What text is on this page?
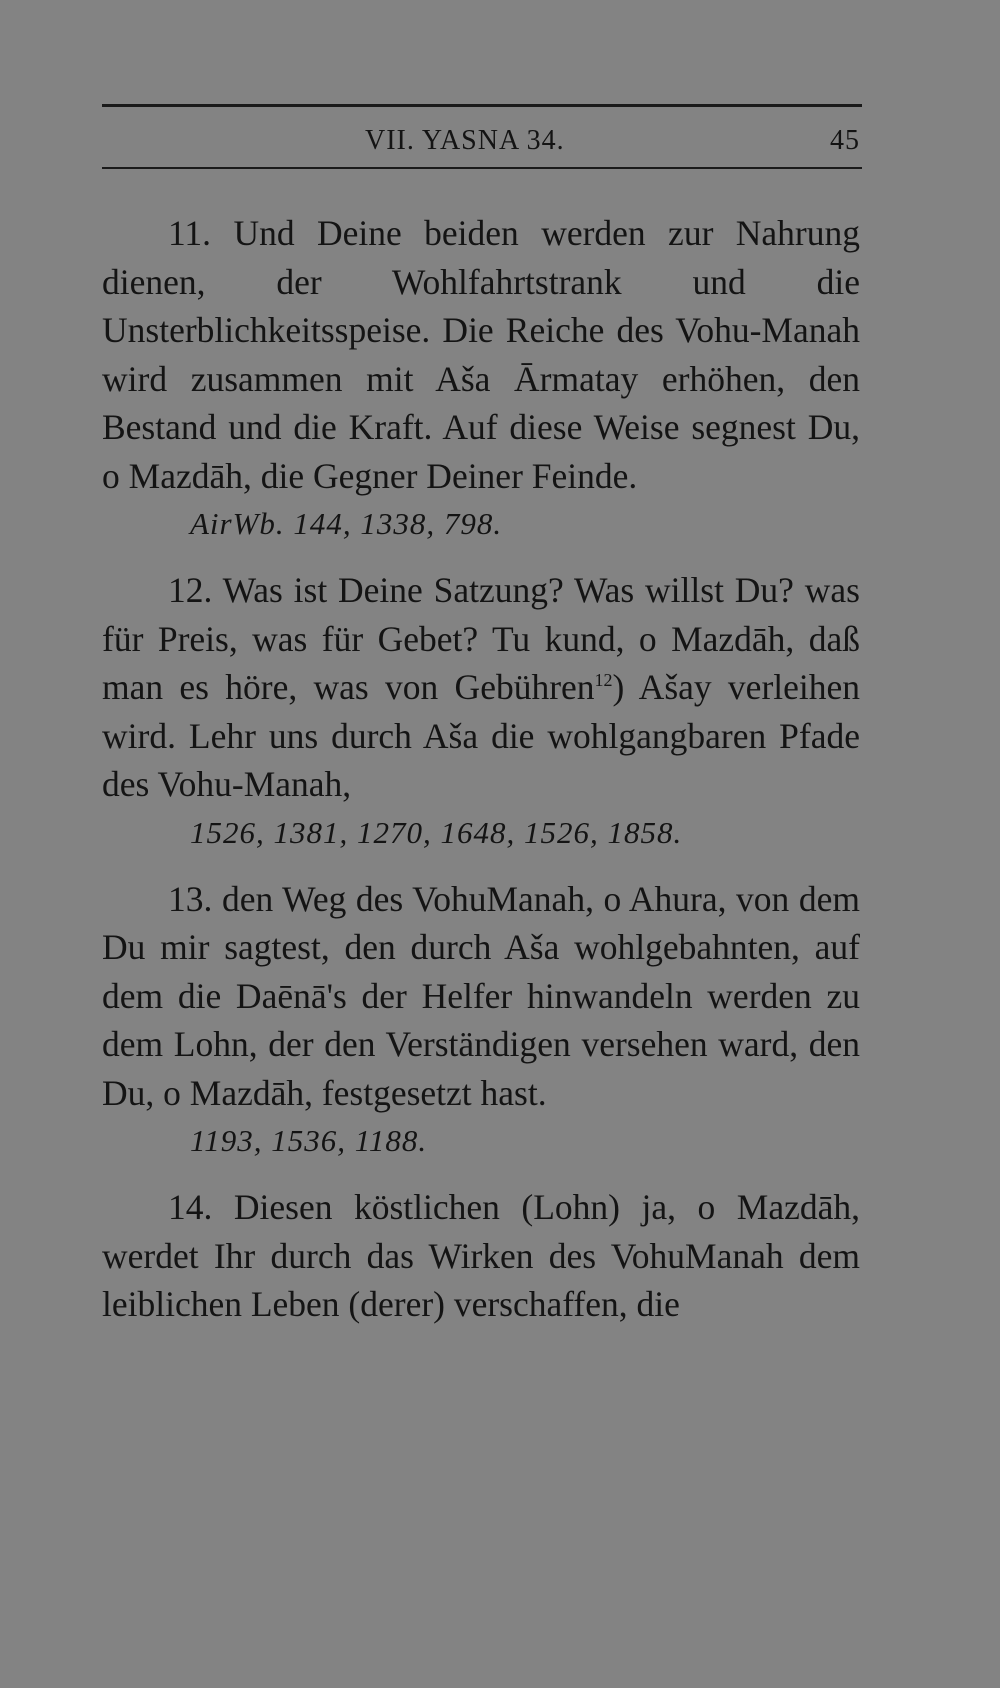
VII. YASNA 34.	45

11. Und Deine beiden werden zur Nahrung dienen, der Wohlfahrtstrank und die Unsterblichkeitsspeise. Die Reiche des Vohu-Manah wird zusammen mit Aša Ārmatay erhöhen, den Bestand und die Kraft. Auf diese Weise segnest Du, o Mazdāh, die Gegner Deiner Feinde.

AirWb. 144, 1338, 798.

12. Was ist Deine Satzung? Was willst Du? was für Preis, was für Gebet? Tu kund, o Mazdāh, daß man es höre, was von Gebühren$^{12}$) Ašay verleihen wird. Lehr uns durch Aša die wohlgangbaren Pfade des Vohu-Manah,

1526, 1381, 1270, 1648, 1526, 1858.

13. den Weg des VohuManah, o Ahura, von dem Du mir sagtest, den durch Aša wohlgebahnten, auf dem die Daēnā's der Helfer hinwandeln werden zu dem Lohn, der den Verständigen versehen ward, den Du, o Mazdāh, festgesetzt hast.

1193, 1536, 1188.

14. Diesen köstlichen (Lohn) ja, o Mazdāh, werdet Ihr durch das Wirken des VohuManah dem leiblichen Leben (derer) verschaffen, die
